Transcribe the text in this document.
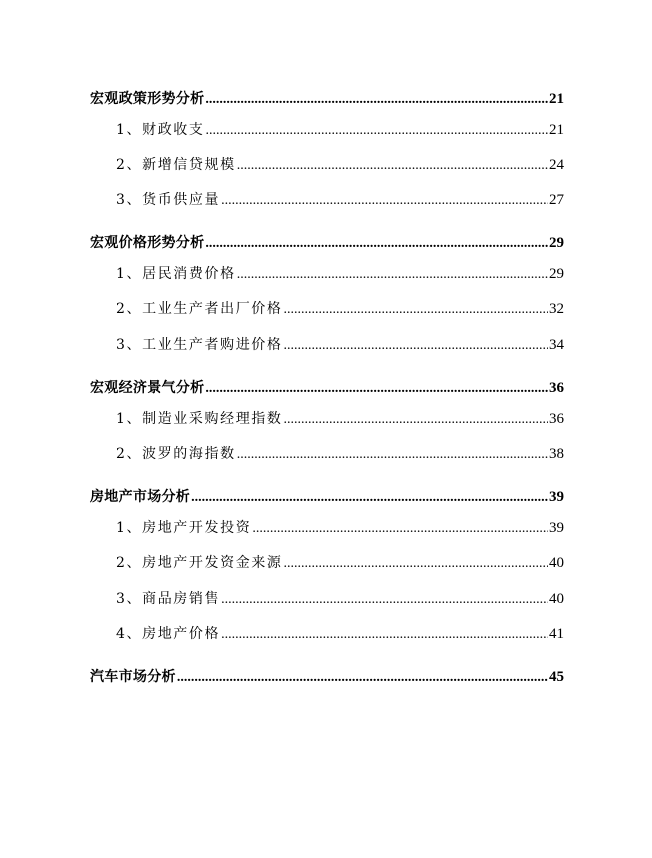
宏观政策形势分析 .....	21
1、财政收支 .....	21
2、新增信贷规模 .....	24
3、货币供应量 .....	27
宏观价格形势分析 .....	29
1、居民消费价格 .....	29
2、工业生产者出厂价格 .....	32
3、工业生产者购进价格 .....	34
宏观经济景气分析 .....	36
1、制造业采购经理指数 .....	36
2、波罗的海指数 .....	38
房地产市场分析 .....	39
1、房地产开发投资 .....	39
2、房地产开发资金来源 .....	40
3、商品房销售 .....	40
4、房地产价格 .....	41
汽车市场分析 .....	45
